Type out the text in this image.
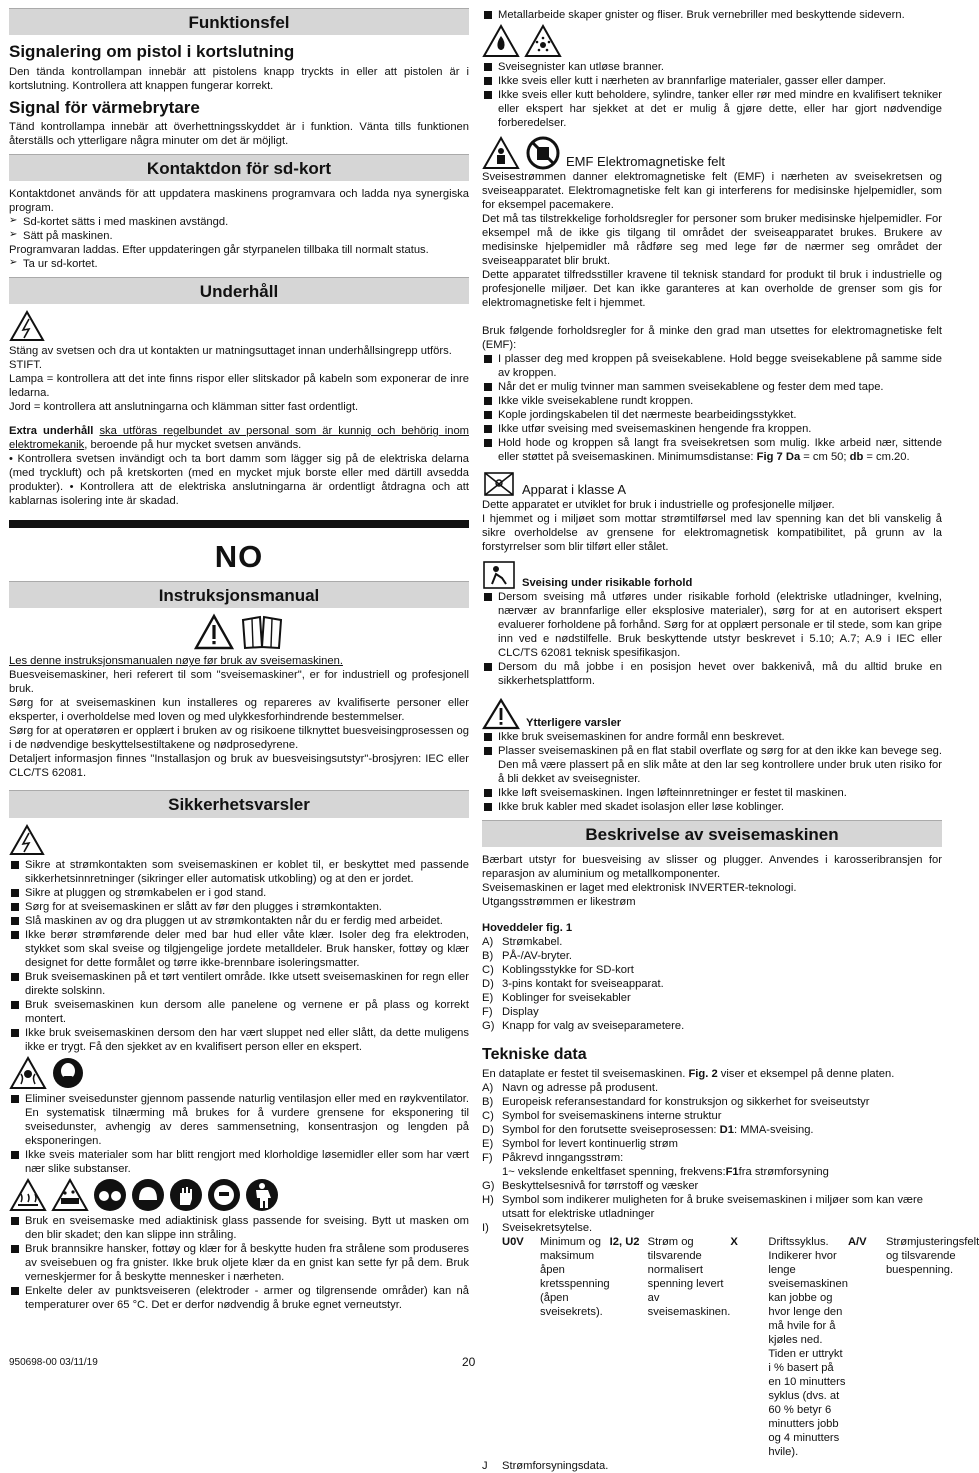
Funktionsfel
Signalering om pistol i kortslutning

Den tända kontrollampan innebär att pistolens knapp tryckts in eller att pistolen är i kortslutning. Kontrollera att knappen fungerar korrekt.

Signal för värmebrytare

Tänd kontrollampa innebär att överhettningsskyddet är i funktion. Vänta tills funktionen återställs och ytterligare några minuter om det är möjligt.

Kontaktdon för sd-kort

Kontaktdonet används för att uppdatera maskinens programvara och ladda nya synergiska program.

➢ Sd-kortet sätts i med maskinen avstängd.
➢ Sätt på maskinen.

Programvaran laddas. Efter uppdateringen går styrpanelen tillbaka till normalt status.

➢ Ta ur sd-kortet.
Underhåll

Stäng av svetsen och dra ut kontakten ur matningsuttaget innan underhållsingrepp utförs.

STIFT.

Lampa = kontrollera att det inte finns rispor eller slitskador på kabeln som exponerar de inre ledarna.

Jord = kontrollera att anslutningarna och klämman sitter fast ordentligt.

Extra underhåll ska utföras regelbundet av personal som är kunnig och behörig inom elektromekanik, beroende på hur mycket svetsen används.

• Kontrollera svetsen invändigt och ta bort damm som lägger sig på de elektriska delarna (med tryckluft) och på kretskorten (med en mycket mjuk borste eller med därtill avsedda produkter). • Kontrollera att de elektriska anslutningarna är ordentligt åtdragna och att kablarnas isolering inte är skadad.

NO
Instruksjonsmanual

Les denne instruksjonsmanualen nøye før bruk av sveisemaskinen.

Buesveisemaskiner, heri referert til som "sveisemaskiner", er for industriell og profesjonell bruk.

Sørg for at sveisemaskinen kun installeres og repareres av kvalifiserte personer eller eksperter, i overholdelse med loven og med ulykkesforhindrende bestemmelser.

Sørg for at operatøren er opplært i bruken av og risikoene tilknyttet buesveisingprosessen og i de nødvendige beskyttelsestiltakene og nødprosedyrene.

Detaljert informasjon finnes "Installasjon og bruk av buesveisingsutstyr"-brosjyren: IEC eller CLC/TS 62081.

Sikkerhetsvarsler
Sikre at strømkontakten som sveisemaskinen er koblet til, er beskyttet med passende sikkerhetsinnretninger (sikringer eller automatisk utkobling) og at den er jordet.
Sikre at pluggen og strømkabelen er i god stand.
Sørg for at sveisemaskinen er slått av før den plugges i strømkontakten.
Slå maskinen av og dra pluggen ut av strømkontakten når du er ferdig med arbeidet.
Ikke berør strømførende deler med bar hud eller våte klær. Isoler deg fra elektroden, stykket som skal sveise og tilgjengelige jordete metalldeler. Bruk hansker, fottøy og klær designet for dette formålet og tørre ikke-brennbare isoleringsmatter.
Bruk sveisemaskinen på et tørt ventilert område. Ikke utsett sveisemaskinen for regn eller direkte solskinn.
Bruk sveisemaskinen kun dersom alle panelene og vernene er på plass og korrekt montert.
Ikke bruk sveisemaskinen dersom den har vært sluppet ned eller slått, da dette muligens ikke er trygt. Få den sjekket av en kvalifisert person eller en ekspert.
Eliminer sveisedunster gjennom passende naturlig ventilasjon eller med en røykventilator. En systematisk tilnærming må brukes for å vurdere grensene for eksponering til sveisedunster, avhengig av deres sammensetning, konsentrasjon og lengden på eksponeringen.
Ikke sveis materialer som har blitt rengjort med klorholdige løsemidler eller som har vært nær slike substanser.
Bruk en sveisemaske med adiaktinisk glass passende for sveising. Bytt ut masken om den blir skadet; den kan slippe inn stråling.
Bruk brannsikre hansker, fottøy og klær for å beskytte huden fra strålene som produseres av sveisebuen og fra gnister. Ikke bruk oljete klær da en gnist kan sette fyr på dem. Bruk verneskjermer for å beskytte mennesker i nærheten.
Enkelte deler av punktsveiseren (elektroder - armer og tilgrensende områder) kan nå temperaturer over 65 °C. Det er derfor nødvendig å bruke egnet verneutstyr.
Metallarbeide skaper gnister og fliser. Bruk vernebriller med beskyttende sidevern.
Sveisegnister kan utløse branner.
Ikke sveis eller kutt i nærheten av brannfarlige materialer, gasser eller damper.
Ikke sveis eller kutt beholdere, sylindre, tanker eller rør med mindre en kvalifisert tekniker eller ekspert har sjekket at det er mulig å gjøre dette, eller har gjort nødvendige forberedelser.
EMF Elektromagnetiske felt

Sveisestrømmen danner elektromagnetiske felt (EMF) i nærheten av sveisekretsen og sveiseapparatet. Elektromagnetiske felt kan gi interferens for medisinske hjelpemidler, som for eksempel pacemakere.

Det må tas tilstrekkelige forholdsregler for personer som bruker medisinske hjelpemidler. For eksempel må de ikke gis tilgang til området der sveiseapparatet brukes. Brukere av medisinske hjelpemidler må rådføre seg med lege før de nærmer seg området der sveiseapparatet blir brukt.

Dette apparatet tilfredsstiller kravene til teknisk standard for produkt til bruk i industrielle og profesjonelle miljøer. Det kan ikke garanteres at kan overholde de grenser som gis for elektromagnetiske felt i hjemmet.

Bruk følgende forholdsregler for å minke den grad man utsettes for elektromagnetiske felt (EMF):

I plasser deg med kroppen på sveisekablene. Hold begge sveisekablene på samme side av kroppen.
Når det er mulig tvinner man sammen sveisekablene og fester dem med tape.
Ikke vikle sveisekablene rundt kroppen.
Kople jordingskabelen til det nærmeste bearbeidingsstykket.
Ikke utfør sveising med sveisemaskinen hengende fra kroppen.
Hold hode og kroppen så langt fra sveisekretsen som mulig. Ikke arbeid nær, sittende eller støttet på sveisemaskinen. Minimumsdistanse: Fig 7 Da = cm 50; db = cm.20.
Apparat i klasse A

Dette apparatet er utviklet for bruk i industrielle og profesjonelle miljøer.

I hjemmet og i miljøet som mottar strømtilførsel med lav spenning kan det bli vanskelig å sikre overholdelse av grensene for elektromagnetisk kompatibilitet, på grunn av la forstyrrelser som blir tilført eller stålet.

Sveising under risikable forhold
Dersom sveising må utføres under risikable forhold (elektriske utladninger, kvelning, nærvær av brannfarlige eller eksplosive materialer), sørg for at en autorisert ekspert evaluerer forholdene på forhånd. Sørg for at opplært personale er til stede, som kan gripe inn ved e nødstilfelle. Bruk beskyttende utstyr beskrevet i 5.10; A.7; A.9 i IEC eller CLC/TS 62081 teknisk spesifikasjon.
Dersom du må jobbe i en posisjon hevet over bakkenivå, må du alltid bruke en sikkerhetsplattform.
Ytterligere varsler
Ikke bruk sveisemaskinen for andre formål enn beskrevet.
Plasser sveisemaskinen på en flat stabil overflate og sørg for at den ikke kan bevege seg. Den må være plassert på en slik måte at den lar seg kontrollere under bruk uten risiko for å bli dekket av sveisegnister.
Ikke løft sveisemaskinen. Ingen løfteinnretninger er festet til maskinen.
Ikke bruk kabler med skadet isolasjon eller løse koblinger.
Beskrivelse av sveisemaskinen

Bærbart utstyr for buesveising av slisser og plugger. Anvendes i karosseribransjen for reparasjon av aluminium og metallkomponenter.

Sveisemaskinen er laget med elektronisk INVERTER-teknologi.

Utgangsstrømmen er likestrøm

Hoveddeler fig. 1

A) Strømkabel.
B) PÅ-/AV-bryter.
C) Koblingsstykke for SD-kort
D) 3-pins kontakt for sveiseapparat.
E) Koblinger for sveisekabler
F) Display
G) Knapp for valg av sveiseparametere.
Tekniske data

En dataplate er festet til sveisemaskinen. Fig. 2 viser et eksempel på denne platen.

A) Navn og adresse på produsent.
B) Europeisk referansestandard for konstruksjon og sikkerhet for sveiseutstyr
C) Symbol for sveisemaskinens interne struktur
D) Symbol for den forutsette sveiseprosessen: D1: MMA-sveising.
E) Symbol for levert kontinuerlig strøm
F) Påkrevd inngangsstrøm:
1~ vekslende enkeltfaset spenning, frekvens: F1 fra strømforsyning
G) Beskyttelsesnivå for tørrstoff og væsker
H) Symbol som indikerer muligheten for å bruke sveisemaskinen i miljøer som kan være utsatt for elektriske utladninger
I)	Sveisekretsytelse.
U0V	Minimum og maksimum åpen kretsspenning (åpen sveisekrets).
I2, U2 Strøm og tilsvarende normalisert spenning levert av sveisemaskinen.
X	Driftssyklus. Indikerer hvor lenge sveisemaskinen kan jobbe og hvor lenge den må hvile for å kjøles ned. Tiden er uttrykt i % basert på en 10 minutters syklus (dvs. at 60 % betyr 6 minutters jobb og 4 minutters hvile).
A/V	Strømjusteringsfelt og tilsvarende buespenning.
J	Strømforsyningsdata.
950698-00 03/11/19	20
